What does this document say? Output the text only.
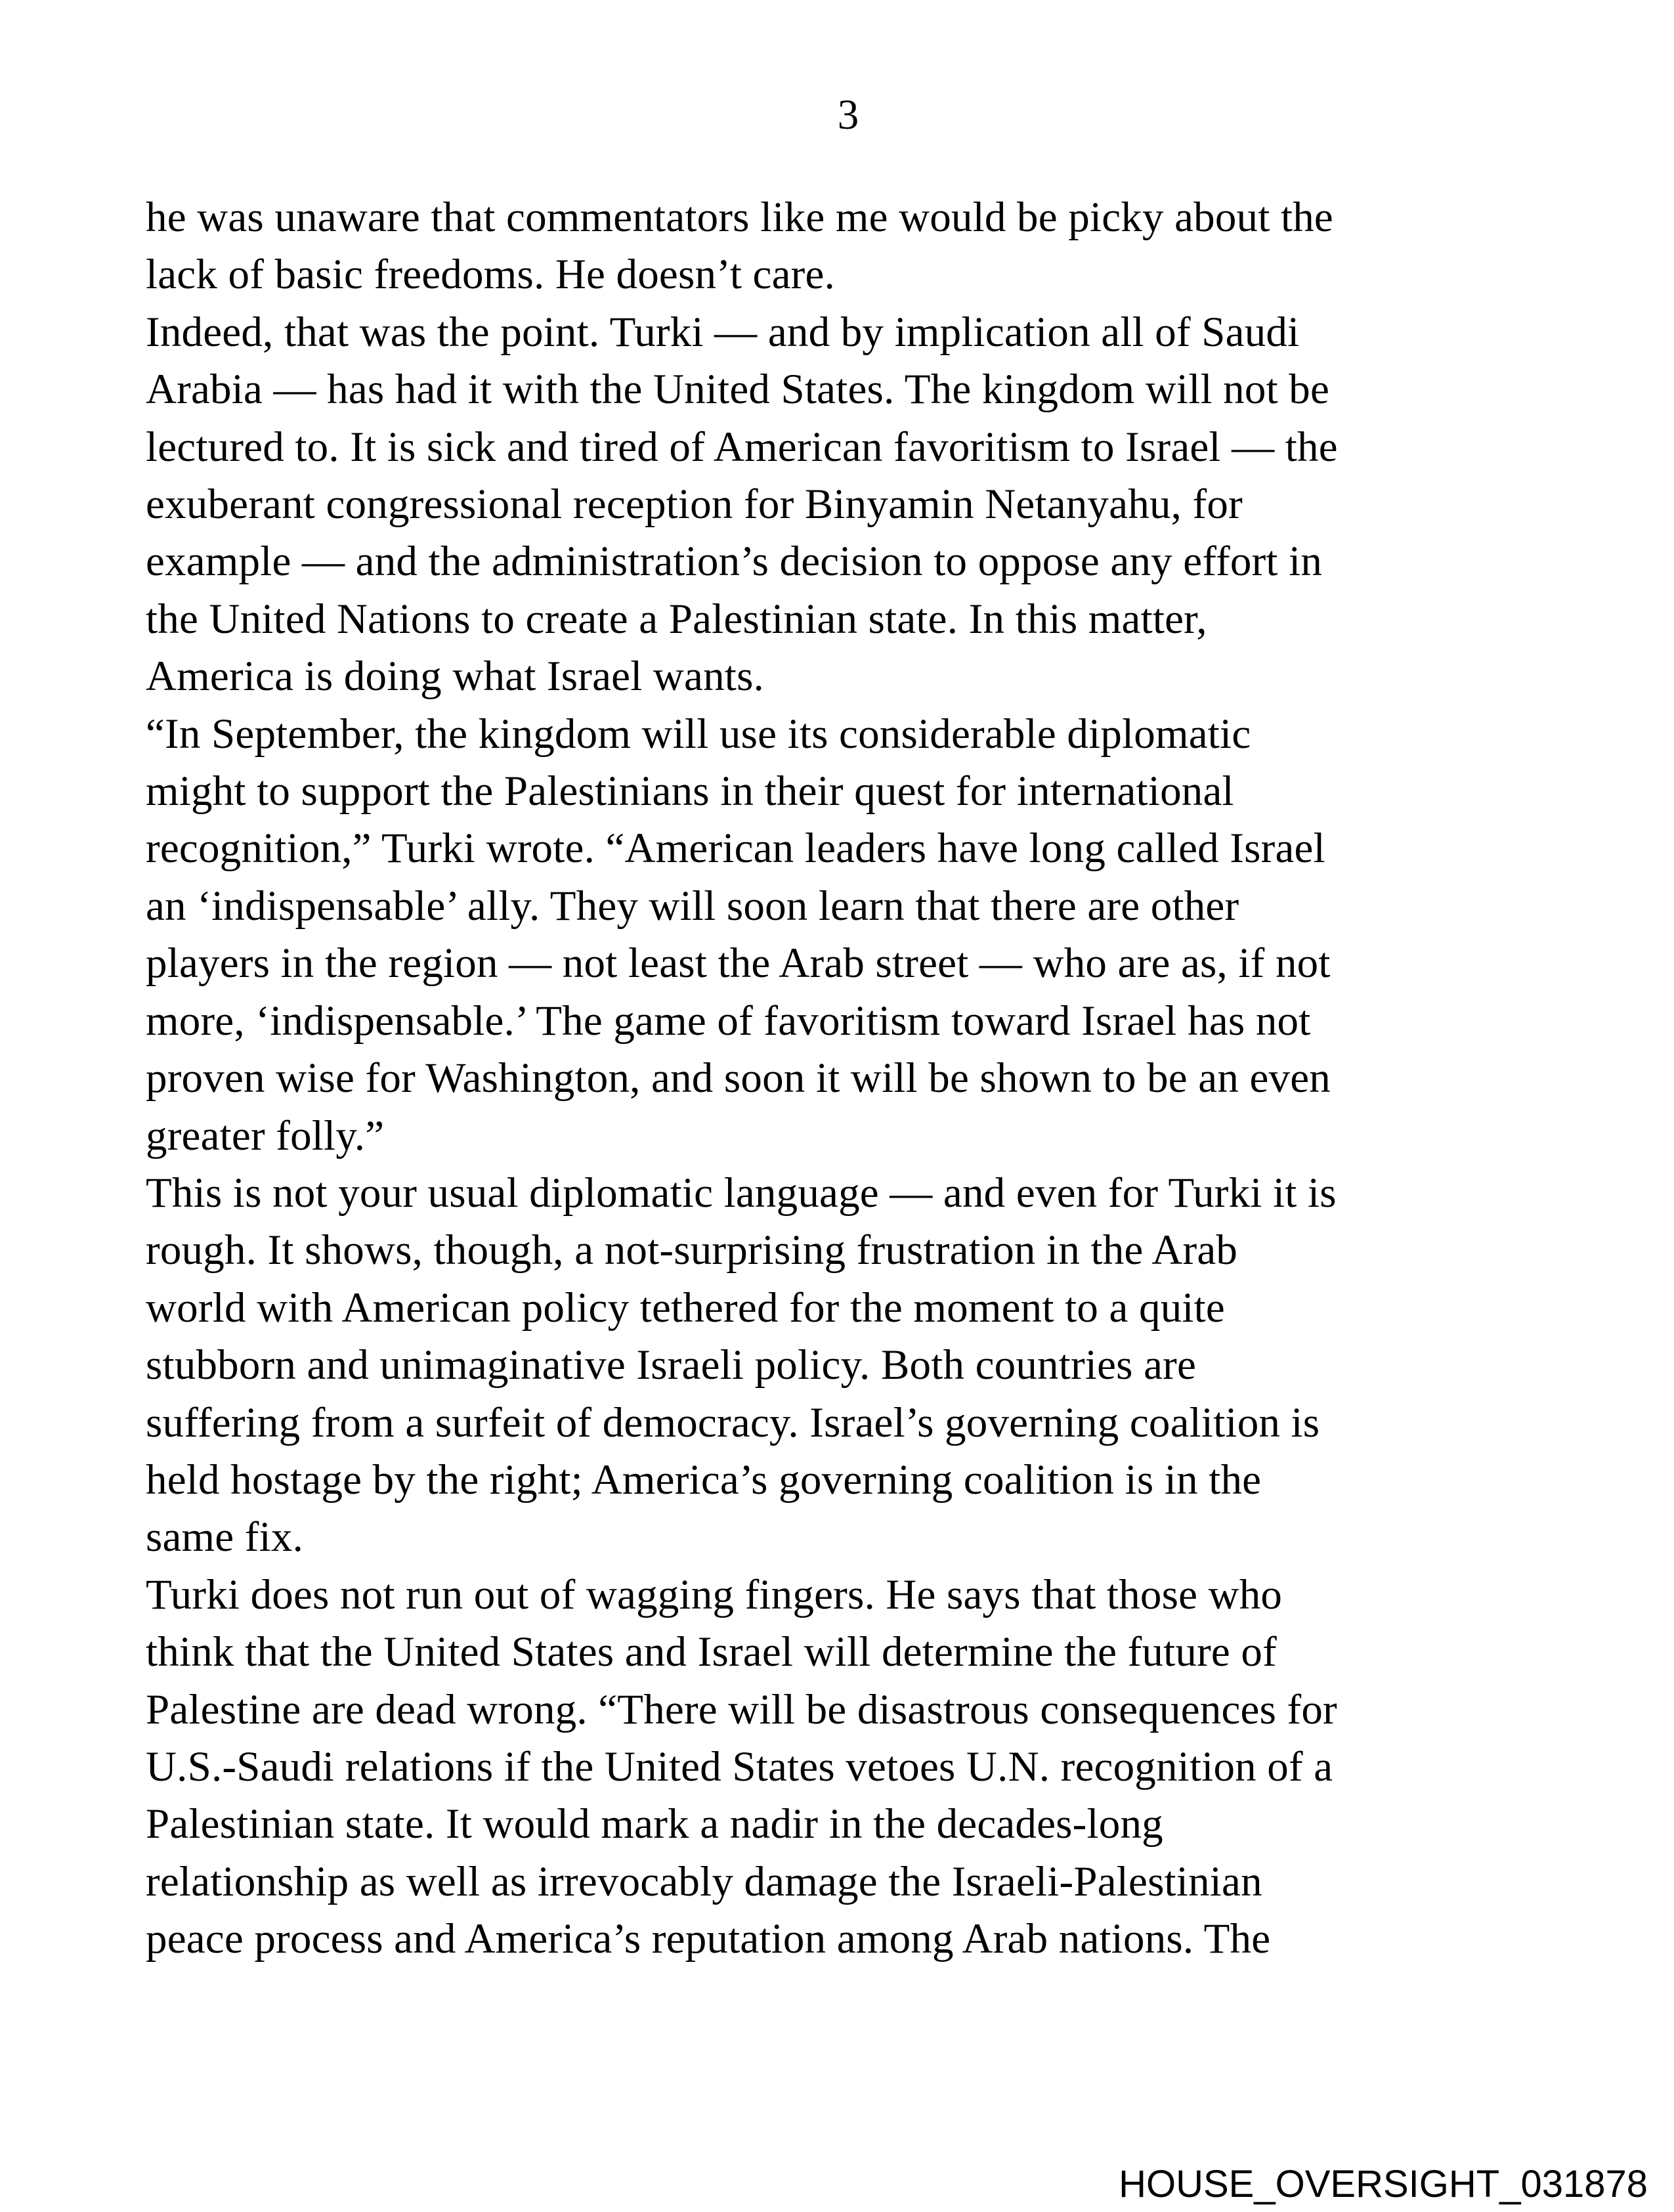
3
he was unaware that commentators like me would be picky about the
lack of basic freedoms. He doesn’t care.
Indeed, that was the point. Turki — and by implication all of Saudi
Arabia — has had it with the United States. The kingdom will not be
lectured to. It is sick and tired of American favoritism to Israel — the
exuberant congressional reception for Binyamin Netanyahu, for
example — and the administration’s decision to oppose any effort in
the United Nations to create a Palestinian state. In this matter,
America is doing what Israel wants.
“In September, the kingdom will use its considerable diplomatic
might to support the Palestinians in their quest for international
recognition,” Turki wrote. “American leaders have long called Israel
an ‘indispensable’ ally. They will soon learn that there are other
players in the region — not least the Arab street — who are as, if not
more, ‘indispensable.’ The game of favoritism toward Israel has not
proven wise for Washington, and soon it will be shown to be an even
greater folly.”
This is not your usual diplomatic language — and even for Turki it is
rough. It shows, though, a not-surprising frustration in the Arab
world with American policy tethered for the moment to a quite
stubborn and unimaginative Israeli policy. Both countries are
suffering from a surfeit of democracy. Israel’s governing coalition is
held hostage by the right; America’s governing coalition is in the
same fix.
Turki does not run out of wagging fingers. He says that those who
think that the United States and Israel will determine the future of
Palestine are dead wrong. “There will be disastrous consequences for
U.S.-Saudi relations if the United States vetoes U.N. recognition of a
Palestinian state. It would mark a nadir in the decades-long
relationship as well as irrevocably damage the Israeli-Palestinian
peace process and America’s reputation among Arab nations. The
HOUSE_OVERSIGHT_031878
